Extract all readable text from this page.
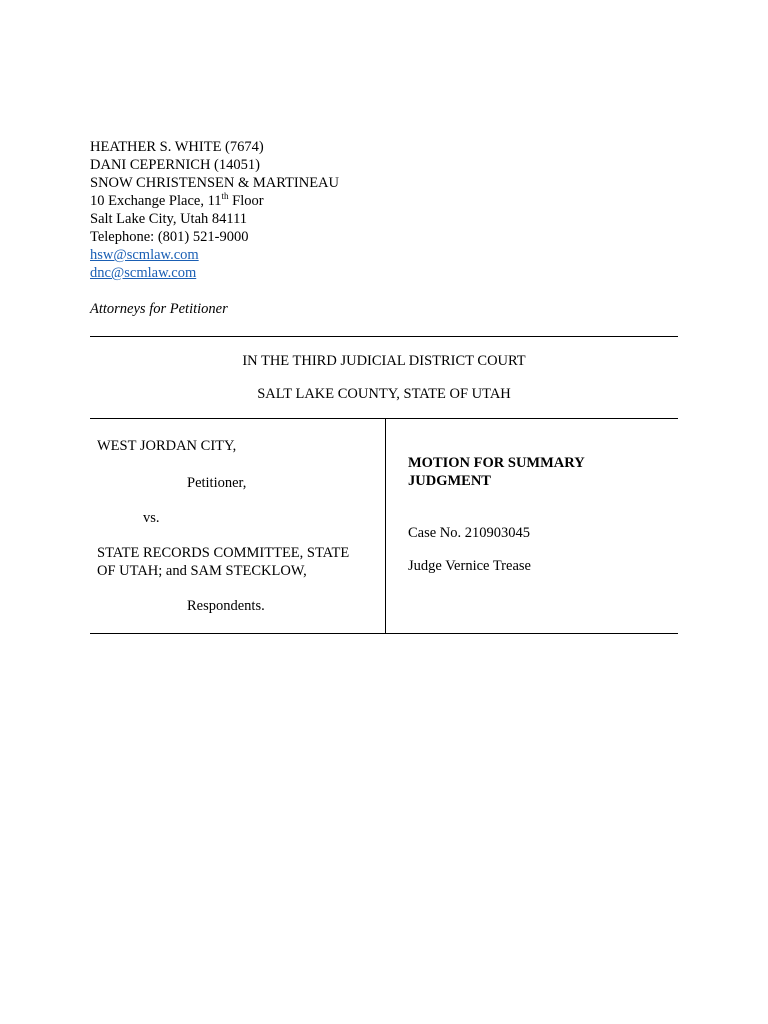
HEATHER S. WHITE (7674)
DANI CEPERNICH (14051)
SNOW CHRISTENSEN & MARTINEAU
10 Exchange Place, 11th Floor
Salt Lake City, Utah 84111
Telephone: (801) 521-9000
hsw@scmlaw.com
dnc@scmlaw.com
Attorneys for Petitioner
IN THE THIRD JUDICIAL DISTRICT COURT
SALT LAKE COUNTY, STATE OF UTAH
WEST JORDAN CITY,
Petitioner,
vs.
STATE RECORDS COMMITTEE, STATE
OF UTAH; and SAM STECKLOW,
Respondents.
MOTION FOR SUMMARY
JUDGMENT
Case No. 210903045
Judge Vernice Trease
